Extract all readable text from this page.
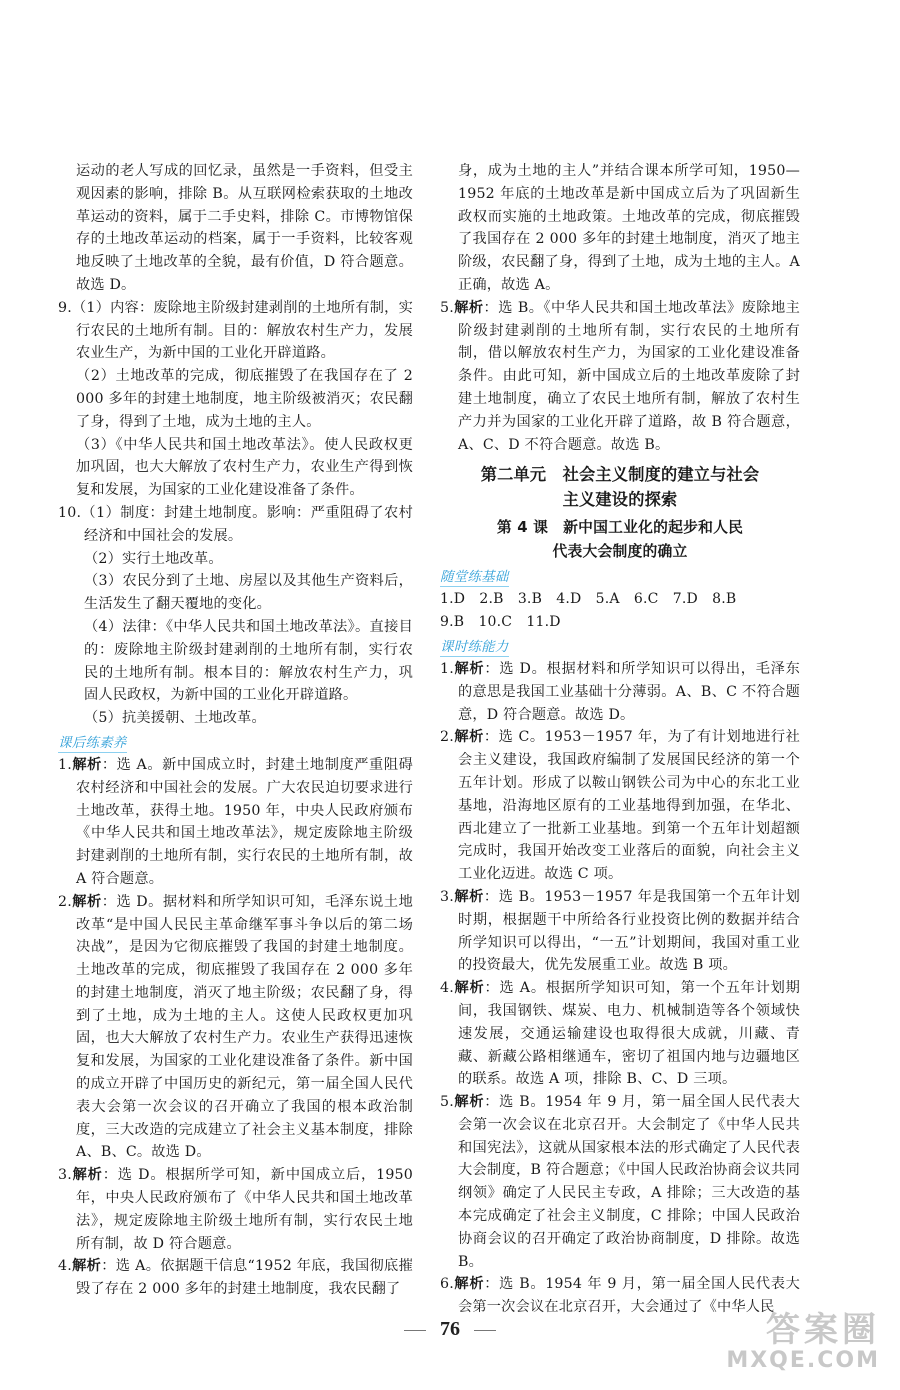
运动的老人写成的回忆录，虽然是一手资料，但受主观因素的影响，排除 B。从互联网检索获取的土地改革运动的资料，属于二手史料，排除 C。市博物馆保存的土地改革运动的档案，属于一手资料，比较客观地反映了土地改革的全貌，最有价值，D 符合题意。故选 D。

9.（1）内容：废除地主阶级封建剥削的土地所有制，实行农民的土地所有制。目的：解放农村生产力，发展农业生产，为新中国的工业化开辟道路。

（2）土地改革的完成，彻底摧毁了在我国存在了 2 000 多年的封建土地制度，地主阶级被消灭；农民翻了身，得到了土地，成为土地的主人。

（3）《中华人民共和国土地改革法》。使人民政权更加巩固，也大大解放了农村生产力，农业生产得到恢复和发展，为国家的工业化建设准备了条件。

10.（1）制度：封建土地制度。影响：严重阻碍了农村经济和中国社会的发展。

（2）实行土地改革。

（3）农民分到了土地、房屋以及其他生产资料后，生活发生了翻天覆地的变化。

（4）法律：《中华人民共和国土地改革法》。直接目的：废除地主阶级封建剥削的土地所有制，实行农民的土地所有制。根本目的：解放农村生产力，巩固人民政权，为新中国的工业化开辟道路。

（5）抗美援朝、土地改革。

课后练素养

1.解析：选 A。新中国成立时，封建土地制度严重阻碍农村经济和中国社会的发展。广大农民迫切要求进行土地改革，获得土地。1950 年，中央人民政府颁布《中华人民共和国土地改革法》，规定废除地主阶级封建剥削的土地所有制，实行农民的土地所有制，故 A 符合题意。

2.解析：选 D。据材料和所学知识可知，毛泽东说土地改革“是中国人民民主革命继军事斗争以后的第二场决战”，是因为它彻底摧毁了我国的封建土地制度。土地改革的完成，彻底摧毁了我国存在 2 000 多年的封建土地制度，消灭了地主阶级；农民翻了身，得到了土地，成为土地的主人。这使人民政权更加巩固，也大大解放了农村生产力。农业生产获得迅速恢复和发展，为国家的工业化建设准备了条件。新中国的成立开辟了中国历史的新纪元，第一届全国人民代表大会第一次会议的召开确立了我国的根本政治制度，三大改造的完成建立了社会主义基本制度，排除 A、B、C。故选 D。

3.解析：选 D。根据所学可知，新中国成立后，1950 年，中央人民政府颁布了《中华人民共和国土地改革法》，规定废除地主阶级土地所有制，实行农民土地所有制，故 D 符合题意。

4.解析：选 A。依据题干信息“1952 年底，我国彻底摧毁了存在 2 000 多年的封建土地制度，我农民翻了

身，成为土地的主人”并结合课本所学可知，1950—1952 年底的土地改革是新中国成立后为了巩固新生政权而实施的土地政策。土地改革的完成，彻底摧毁了我国存在 2 000 多年的封建土地制度，消灭了地主阶级，农民翻了身，得到了土地，成为土地的主人。A 正确，故选 A。

5.解析：选 B。《中华人民共和国土地改革法》废除地主阶级封建剥削的土地所有制，实行农民的土地所有制，借以解放农村生产力，为国家的工业化建设准备条件。由此可知，新中国成立后的土地改革废除了封建土地制度，确立了农民土地所有制，解放了农村生产力并为国家的工业化开辟了道路，故 B 符合题意，A、C、D 不符合题意。故选 B。

第二单元　社会主义制度的建立与社会
主义建设的探索
第 4 课　新中国工业化的起步和人民
代表大会制度的确立
随堂练基础

1.D　2.B　3.B　4.D　5.A　6.C　7.D　8.B

9.B　10.C　11.D

课时练能力

1.解析：选 D。根据材料和所学知识可以得出，毛泽东的意思是我国工业基础十分薄弱。A、B、C 不符合题意，D 符合题意。故选 D。

2.解析：选 C。1953－1957 年，为了有计划地进行社会主义建设，我国政府编制了发展国民经济的第一个五年计划。形成了以鞍山钢铁公司为中心的东北工业基地，沿海地区原有的工业基地得到加强，在华北、西北建立了一批新工业基地。到第一个五年计划超额完成时，我国开始改变工业落后的面貌，向社会主义工业化迈进。故选 C 项。

3.解析：选 B。1953－1957 年是我国第一个五年计划时期，根据题干中所给各行业投资比例的数据并结合所学知识可以得出，“一五”计划期间，我国对重工业的投资最大，优先发展重工业。故选 B 项。

4.解析：选 A。根据所学知识可知，第一个五年计划期间，我国钢铁、煤炭、电力、机械制造等各个领域快速发展，交通运输建设也取得很大成就，川藏、青藏、新藏公路相继通车，密切了祖国内地与边疆地区的联系。故选 A 项，排除 B、C、D 三项。

5.解析：选 B。1954 年 9 月，第一届全国人民代表大会第一次会议在北京召开。大会制定了《中华人民共和国宪法》，这就从国家根本法的形式确定了人民代表大会制度，B 符合题意；《中国人民政治协商会议共同纲领》确定了人民民主专政，A 排除；三大改造的基本完成确定了社会主义制度，C 排除；中国人民政治协商会议的召开确定了政治协商制度，D 排除。故选 B。

6.解析：选 B。1954 年 9 月，第一届全国人民代表大会第一次会议在北京召开，大会通过了《中华人民

76	答案圈
MXQE.COM
